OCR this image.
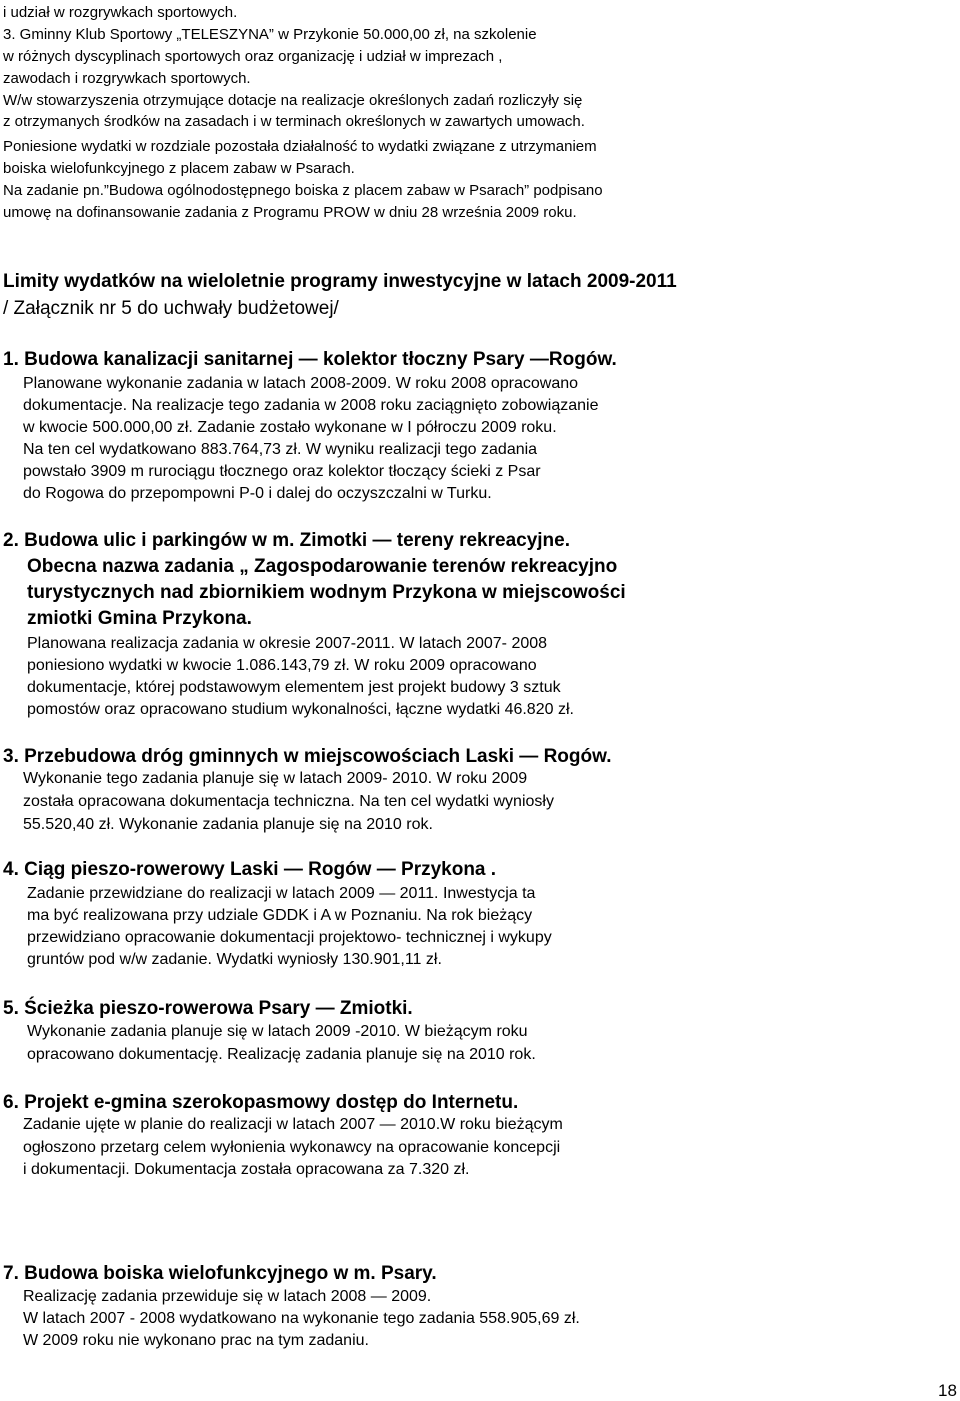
i udział w rozgrywkach sportowych.
3. Gminny Klub Sportowy „TELESZYNA” w Przykonie 50.000,00 zł, na szkolenie
w różnych dyscyplinach sportowych oraz organizację i udział w imprezach ,
zawodach i rozgrywkach sportowych.
W/w stowarzyszenia otrzymujące dotacje na realizacje określonych zadań rozliczyły się
z otrzymanych środków na zasadach i w terminach określonych w zawartych umowach.
Poniesione wydatki w rozdziale pozostała działalność to wydatki związane z utrzymaniem
boiska wielofunkcyjnego z placem zabaw w Psarach.
Na zadanie pn.”Budowa ogólnodostępnego boiska z placem zabaw w Psarach” podpisano
umowę na dofinansowanie zadania z Programu PROW w dniu 28 września 2009 roku.
Limity wydatków na wieloletnie programy inwestycyjne w latach 2009-2011
/ Załącznik nr 5 do uchwały budżetowej/
1. Budowa kanalizacji sanitarnej — kolektor tłoczny Psary —Rogów.
Planowane wykonanie zadania w latach 2008-2009. W roku 2008 opracowano
dokumentacje. Na realizacje tego zadania w 2008 roku zaciągnięto zobowiązanie
w kwocie 500.000,00 zł. Zadanie zostało wykonane w I półroczu 2009 roku.
Na ten cel wydatkowano 883.764,73 zł. W wyniku realizacji tego zadania
powstało 3909 m rurociągu tłocznego oraz kolektor tłoczący ścieki z Psar
do Rogowa do przepompowni P-0 i dalej do oczyszczalni w Turku.
2. Budowa ulic i parkingów w m. Zimotki — tereny rekreacyjne.
Obecna nazwa zadania „ Zagospodarowanie terenów rekreacyjno
turystycznych nad zbiornikiem wodnym Przykona w miejscowości
zmiotki Gmina Przykona.
Planowana realizacja zadania w okresie 2007-2011. W latach 2007- 2008
poniesiono wydatki w kwocie 1.086.143,79 zł. W roku 2009 opracowano
dokumentacje, której podstawowym elementem jest projekt budowy 3 sztuk
pomostów oraz opracowano studium wykonalności, łączne wydatki 46.820 zł.
3. Przebudowa dróg gminnych w miejscowościach Laski — Rogów.
Wykonanie tego zadania planuje się w latach 2009- 2010. W roku 2009
została opracowana dokumentacja techniczna. Na ten cel wydatki wyniosły
55.520,40 zł. Wykonanie zadania planuje się na 2010 rok.
4. Ciąg pieszo-rowerowy Laski — Rogów — Przykona .
Zadanie przewidziane do realizacji w latach 2009 — 2011. Inwestycja ta
ma być realizowana przy udziale GDDK i A w Poznaniu. Na rok bieżący
przewidziano opracowanie dokumentacji projektowo- technicznej i wykupy
gruntów pod w/w zadanie. Wydatki wyniosły 130.901,11 zł.
5. Ścieżka pieszo-rowerowa Psary — Zmiotki.
Wykonanie zadania planuje się w latach 2009 -2010. W bieżącym roku
opracowano dokumentację. Realizację zadania planuje się na 2010 rok.
6. Projekt e-gmina szerokopasmowy dostęp do Internetu.
Zadanie ujęte w planie do realizacji w latach 2007 — 2010.W roku bieżącym
ogłoszono przetarg celem wyłonienia wykonawcy na opracowanie koncepcji
i dokumentacji. Dokumentacja została opracowana za 7.320 zł.
7. Budowa boiska wielofunkcyjnego w m. Psary.
Realizację zadania przewiduje się w latach 2008 — 2009.
W latach 2007 - 2008 wydatkowano na wykonanie tego zadania 558.905,69 zł.
W 2009 roku nie wykonano prac na tym zadaniu.
18
